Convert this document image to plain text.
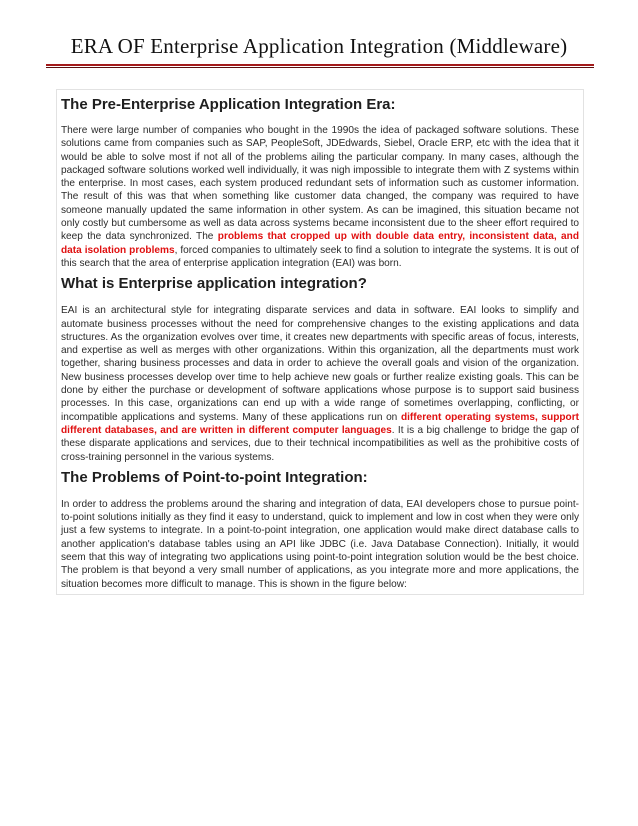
ERA OF Enterprise Application Integration (Middleware)
The Pre-Enterprise Application Integration Era:

There were large number of companies who bought in the 1990s the idea of packaged software solutions. These solutions came from companies such as SAP, PeopleSoft, JDEdwards, Siebel, Oracle ERP, etc with the idea that it would be able to solve most if not all of the problems ailing the particular company. In many cases, although the packaged software solutions worked well individually, it was nigh impossible to integrate them with Z systems within the enterprise. In most cases, each system produced redundant sets of information such as customer information. The result of this was that when something like customer data changed, the company was required to have someone manually updated the same information in other system. As can be imagined, this situation became not only costly but cumbersome as well as data across systems became inconsistent due to the sheer effort required to keep the data synchronized. The problems that cropped up with double data entry, inconsistent data, and data isolation problems, forced companies to ultimately seek to find a solution to integrate the systems. It is out of this search that the area of enterprise application integration (EAI) was born.

What is Enterprise application integration?

EAI is an architectural style for integrating disparate services and data in software. EAI looks to simplify and automate business processes without the need for comprehensive changes to the existing applications and data structures. As the organization evolves over time, it creates new departments with specific areas of focus, interests, and expertise as well as merges with other organizations. Within this organization, all the departments must work together, sharing business processes and data in order to achieve the overall goals and vision of the organization. New business processes develop over time to help achieve new goals or further realize existing goals. This can be done by either the purchase or development of software applications whose purpose is to support said business processes. In this case, organizations can end up with a wide range of sometimes overlapping, conflicting, or incompatible applications and systems. Many of these applications run on different operating systems, support different databases, and are written in different computer languages. It is a big challenge to bridge the gap of these disparate applications and services, due to their technical incompatibilities as well as the prohibitive costs of cross-training personnel in the various systems.

The Problems of Point-to-point Integration:

In order to address the problems around the sharing and integration of data, EAI developers chose to pursue point-to-point solutions initially as they find it easy to understand, quick to implement and low in cost when they were only just a few systems to integrate. In a point-to-point integration, one application would make direct database calls to another application's database tables using an API like JDBC (i.e. Java Database Connection). Initially, it would seem that this way of integrating two applications using point-to-point integration solution would be the best choice. The problem is that beyond a very small number of applications, as you integrate more and more applications, the situation becomes more difficult to manage. This is shown in the figure below:
